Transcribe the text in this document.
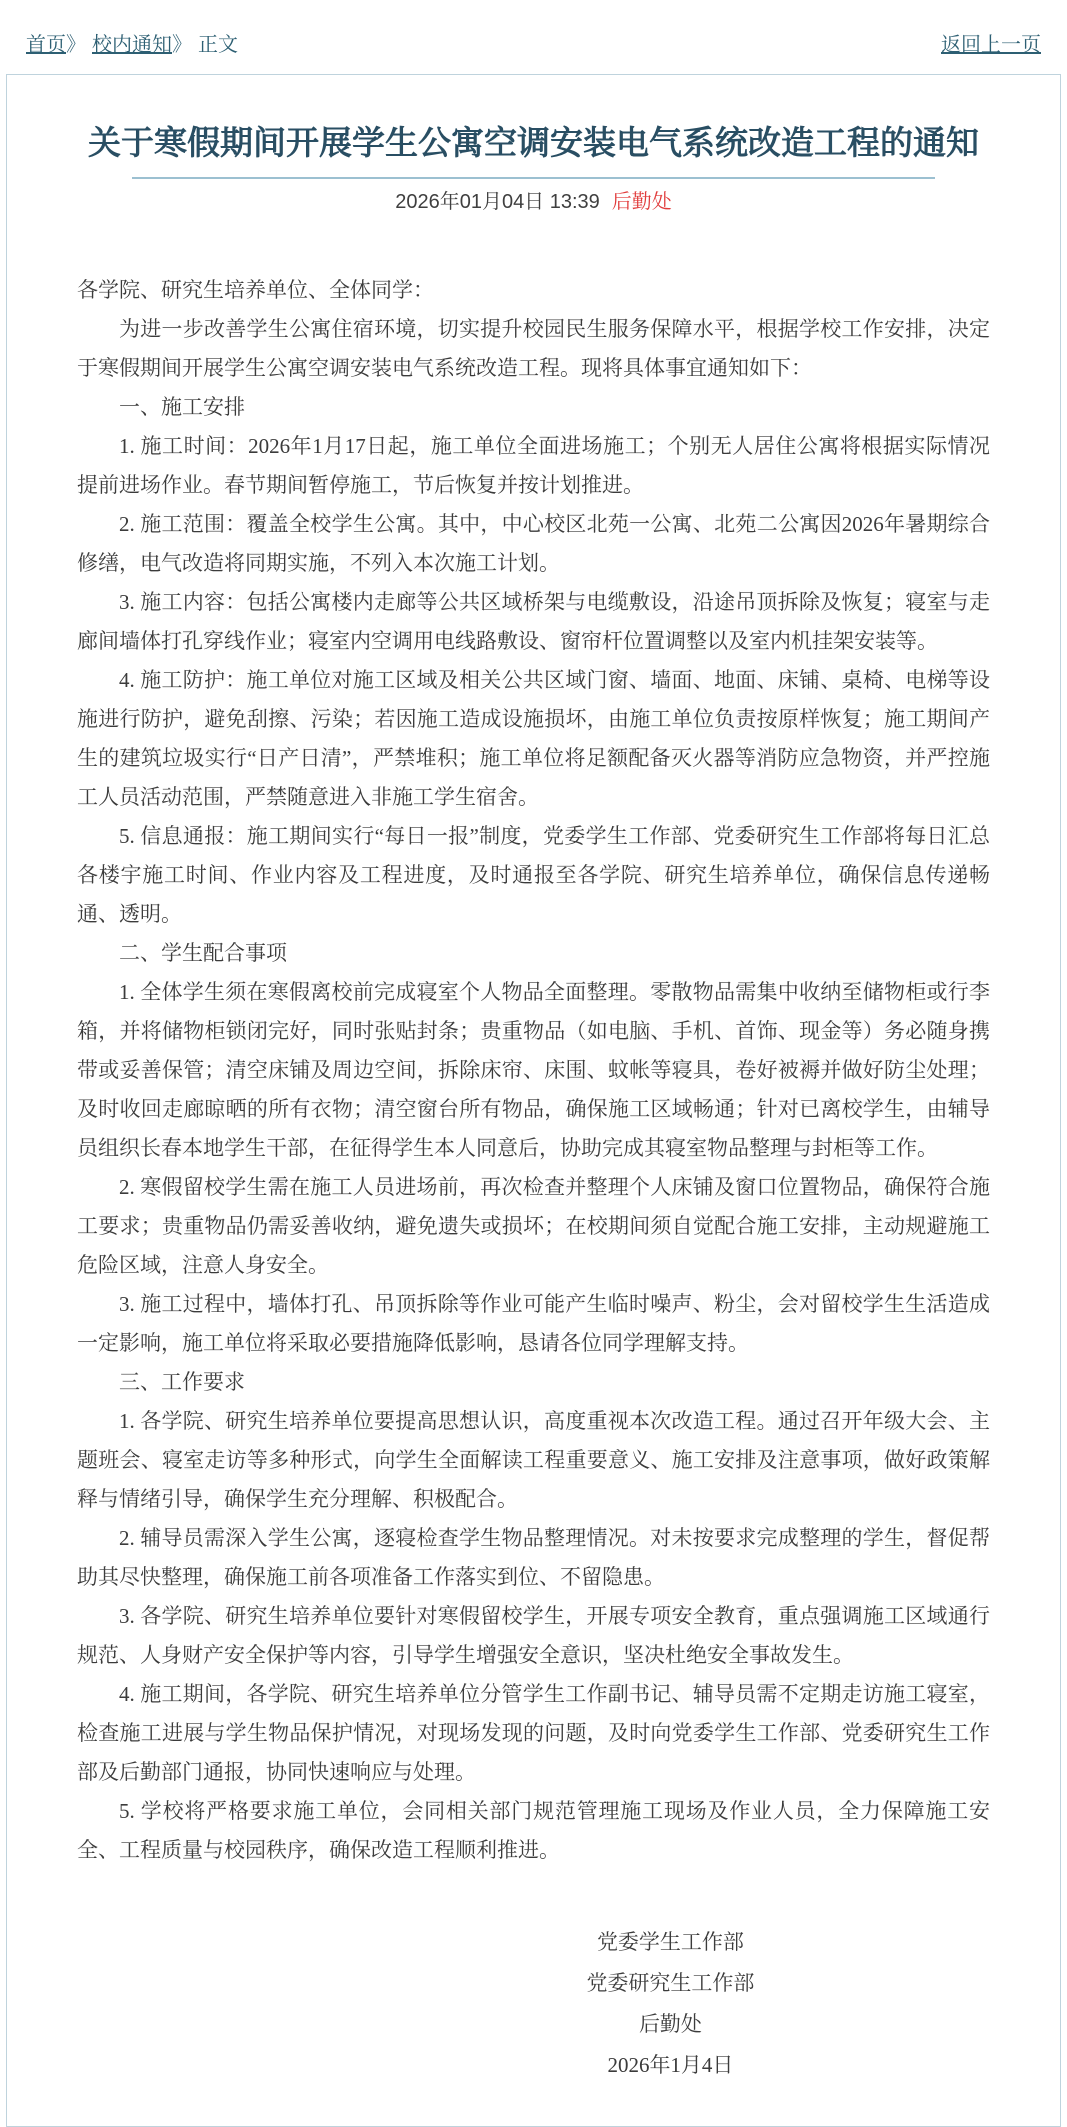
首页》 校内通知》 正文	返回上一页
关于寒假期间开展学生公寓空调安装电气系统改造工程的通知
2026年01月04日 13:39 后勤处

各学院、研究生培养单位、全体同学：

为进一步改善学生公寓住宿环境，切实提升校园民生服务保障水平，根据学校工作安排，决定于寒假期间开展学生公寓空调安装电气系统改造工程。现将具体事宜通知如下：

一、施工安排

1. 施工时间：2026年1月17日起，施工单位全面进场施工；个别无人居住公寓将根据实际情况提前进场作业。春节期间暂停施工，节后恢复并按计划推进。

2. 施工范围：覆盖全校学生公寓。其中，中心校区北苑一公寓、北苑二公寓因2026年暑期综合修缮，电气改造将同期实施，不列入本次施工计划。

3. 施工内容：包括公寓楼内走廊等公共区域桥架与电缆敷设，沿途吊顶拆除及恢复；寝室与走廊间墙体打孔穿线作业；寝室内空调用电线路敷设、窗帘杆位置调整以及室内机挂架安装等。

4. 施工防护：施工单位对施工区域及相关公共区域门窗、墙面、地面、床铺、桌椅、电梯等设施进行防护，避免刮擦、污染；若因施工造成设施损坏，由施工单位负责按原样恢复；施工期间产生的建筑垃圾实行“日产日清”，严禁堆积；施工单位将足额配备灭火器等消防应急物资，并严控施工人员活动范围，严禁随意进入非施工学生宿舍。

5. 信息通报：施工期间实行“每日一报”制度，党委学生工作部、党委研究生工作部将每日汇总各楼宇施工时间、作业内容及工程进度，及时通报至各学院、研究生培养单位，确保信息传递畅通、透明。

二、学生配合事项

1. 全体学生须在寒假离校前完成寝室个人物品全面整理。零散物品需集中收纳至储物柜或行李箱，并将储物柜锁闭完好，同时张贴封条；贵重物品（如电脑、手机、首饰、现金等）务必随身携带或妥善保管；清空床铺及周边空间，拆除床帘、床围、蚊帐等寝具，卷好被褥并做好防尘处理；及时收回走廊晾晒的所有衣物；清空窗台所有物品，确保施工区域畅通；针对已离校学生，由辅导员组织长春本地学生干部，在征得学生本人同意后，协助完成其寝室物品整理与封柜等工作。

2. 寒假留校学生需在施工人员进场前，再次检查并整理个人床铺及窗口位置物品，确保符合施工要求；贵重物品仍需妥善收纳，避免遗失或损坏；在校期间须自觉配合施工安排，主动规避施工危险区域，注意人身安全。

3. 施工过程中，墙体打孔、吊顶拆除等作业可能产生临时噪声、粉尘，会对留校学生生活造成一定影响，施工单位将采取必要措施降低影响，恳请各位同学理解支持。

三、工作要求

1. 各学院、研究生培养单位要提高思想认识，高度重视本次改造工程。通过召开年级大会、主题班会、寝室走访等多种形式，向学生全面解读工程重要意义、施工安排及注意事项，做好政策解释与情绪引导，确保学生充分理解、积极配合。

2. 辅导员需深入学生公寓，逐寝检查学生物品整理情况。对未按要求完成整理的学生，督促帮助其尽快整理，确保施工前各项准备工作落实到位、不留隐患。

3. 各学院、研究生培养单位要针对寒假留校学生，开展专项安全教育，重点强调施工区域通行规范、人身财产安全保护等内容，引导学生增强安全意识，坚决杜绝安全事故发生。

4. 施工期间，各学院、研究生培养单位分管学生工作副书记、辅导员需不定期走访施工寝室，检查施工进展与学生物品保护情况，对现场发现的问题，及时向党委学生工作部、党委研究生工作部及后勤部门通报，协同快速响应与处理。

5. 学校将严格要求施工单位，会同相关部门规范管理施工现场及作业人员，全力保障施工安全、工程质量与校园秩序，确保改造工程顺利推进。

党委学生工作部
党委研究生工作部
后勤处
2026年1月4日
